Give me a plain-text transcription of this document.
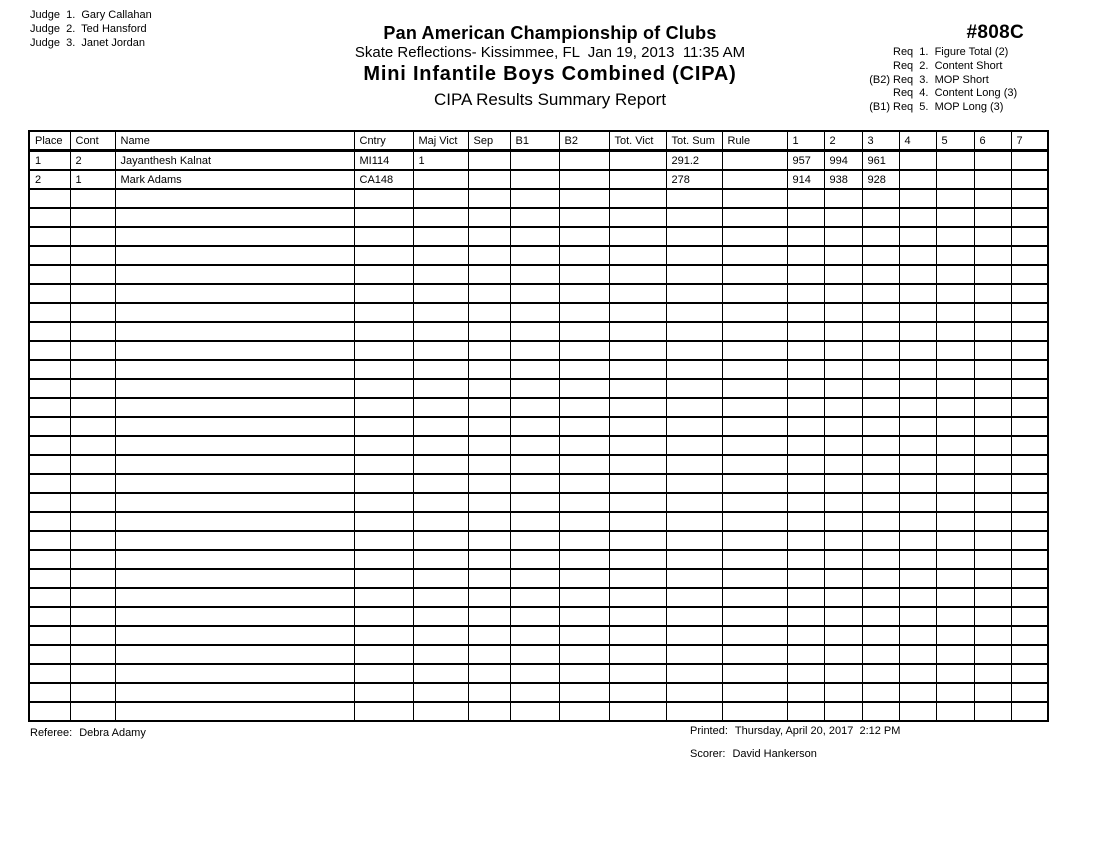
Judge  1.  Gary Callahan
Judge  2.  Ted Hansford
Judge  3.  Janet Jordan	Pan American Championship of Clubs
Skate Reflections- Kissimmee, FL  Jan 19, 2013  11:35 AM
Mini Infantile Boys Combined (CIPA)
CIPA Results Summary Report
#808C
Req  1.  Figure Total (2)
Req  2.  Content Short
(B2) Req  3.  MOP Short
Req  4.  Content Long (3)
(B1) Req  5.  MOP Long (3)
Place	Cont	Name	Cntry	Maj Vict	Sep	B1	B2	Tot. Vict	Tot. Sum	Rule	1	2	3	4	5	6	7
1	2	Jayanthesh Kalnat	MI114	1					291.2		957	994	961				
2	1	Mark Adams	CA148						278		914	938	928				

Referee: Debra Adamy	Printed: Thursday, April 20, 2017  2:12 PM
Scorer: David Hankerson
